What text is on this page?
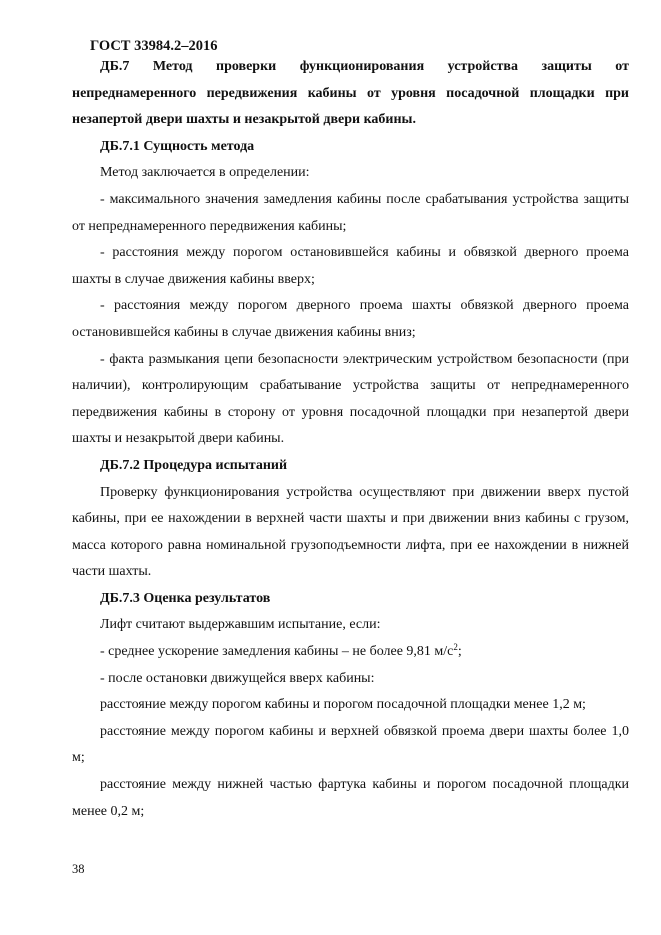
ГОСТ 33984.2–2016

ДБ.7 Метод проверки функционирования устройства защиты от непреднамеренного передвижения кабины от уровня посадочной площадки при незапертой двери шахты и незакрытой двери кабины.

ДБ.7.1 Сущность метода

Метод заключается в определении:

- максимального значения замедления кабины после срабатывания устройства защиты от непреднамеренного передвижения кабины;

- расстояния между порогом остановившейся кабины и обвязкой дверного проема шахты в случае движения кабины вверх;

- расстояния между порогом дверного проема шахты обвязкой дверного проема остановившейся кабины в случае движения кабины вниз;

- факта размыкания цепи безопасности электрическим устройством безопасности (при наличии), контролирующим срабатывание устройства защиты от непреднамеренного передвижения кабины в сторону от уровня посадочной площадки при незапертой двери шахты и незакрытой двери кабины.

ДБ.7.2 Процедура испытаний

Проверку функционирования устройства осуществляют при движении вверх пустой кабины, при ее нахождении в верхней части шахты и при движении вниз кабины с грузом, масса которого равна номинальной грузоподъемности лифта, при ее нахождении в нижней части шахты.

ДБ.7.3 Оценка результатов

Лифт считают выдержавшим испытание, если:

- среднее ускорение замедления кабины – не более 9,81 $м/с^2$;

- после остановки движущейся вверх кабины:

расстояние между порогом кабины и порогом посадочной площадки менее 1,2 м;

расстояние между порогом кабины и верхней обвязкой проема двери шахты более 1,0 м;

расстояние между нижней частью фартука кабины и порогом посадочной площадки менее 0,2 м;

38
